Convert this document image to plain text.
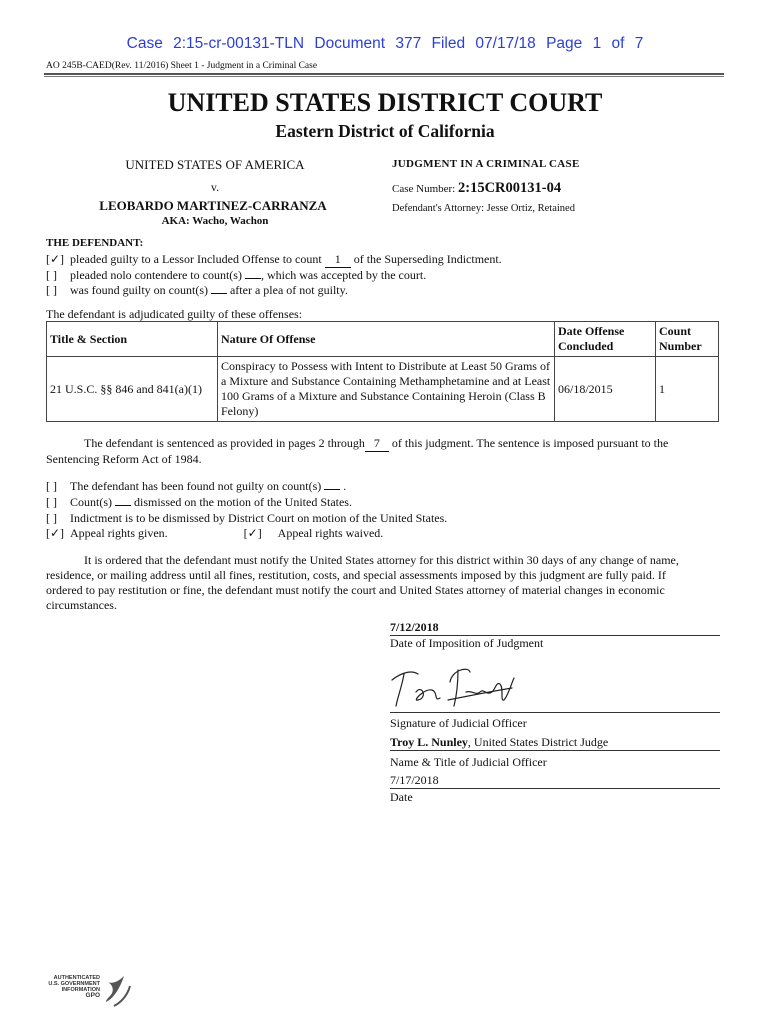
Case 2:15-cr-00131-TLN Document 377 Filed 07/17/18 Page 1 of 7
AO 245B-CAED(Rev. 11/2016) Sheet 1 - Judgment in a Criminal Case
UNITED STATES DISTRICT COURT
Eastern District of California
UNITED STATES OF AMERICA
v.
LEOBARDO MARTINEZ-CARRANZA
AKA: Wacho, Wachon
JUDGMENT IN A CRIMINAL CASE
Case Number: 2:15CR00131-04
Defendant's Attorney: Jesse Ortiz, Retained
THE DEFENDANT:
[✓] pleaded guilty to a Lessor Included Offense to count 1 of the Superseding Indictment.
[ ] pleaded nolo contendere to count(s) , which was accepted by the court.
[ ] was found guilty on count(s) after a plea of not guilty.
The defendant is adjudicated guilty of these offenses:
Title & Section	Nature Of Offense	Date Offense Concluded	Count Number
21 U.S.C. §§ 846 and 841(a)(1)	Conspiracy to Possess with Intent to Distribute at Least 50 Grams of a Mixture and Substance Containing Methamphetamine and at Least 100 Grams of a Mixture and Substance Containing Heroin (Class B Felony)	06/18/2015	1
The defendant is sentenced as provided in pages 2 through 7 of this judgment. The sentence is imposed pursuant to the
Sentencing Reform Act of 1984.
[ ] The defendant has been found not guilty on count(s) .
[ ] Count(s) dismissed on the motion of the United States.
[ ] Indictment is to be dismissed by District Court on motion of the United States.
[✓] Appeal rights given.	[✓] Appeal rights waived.
It is ordered that the defendant must notify the United States attorney for this district within 30 days of any change of name,
residence, or mailing address until all fines, restitution, costs, and special assessments imposed by this judgment are fully paid. If
ordered to pay restitution or fine, the defendant must notify the court and United States attorney of material changes in economic
circumstances.
7/12/2018
Date of Imposition of Judgment
Signature of Judicial Officer
Troy L. Nunley, United States District Judge
Name & Title of Judicial Officer
7/17/2018
Date
AUTHENTICATED
U.S. GOVERNMENT
INFORMATION
GPO
